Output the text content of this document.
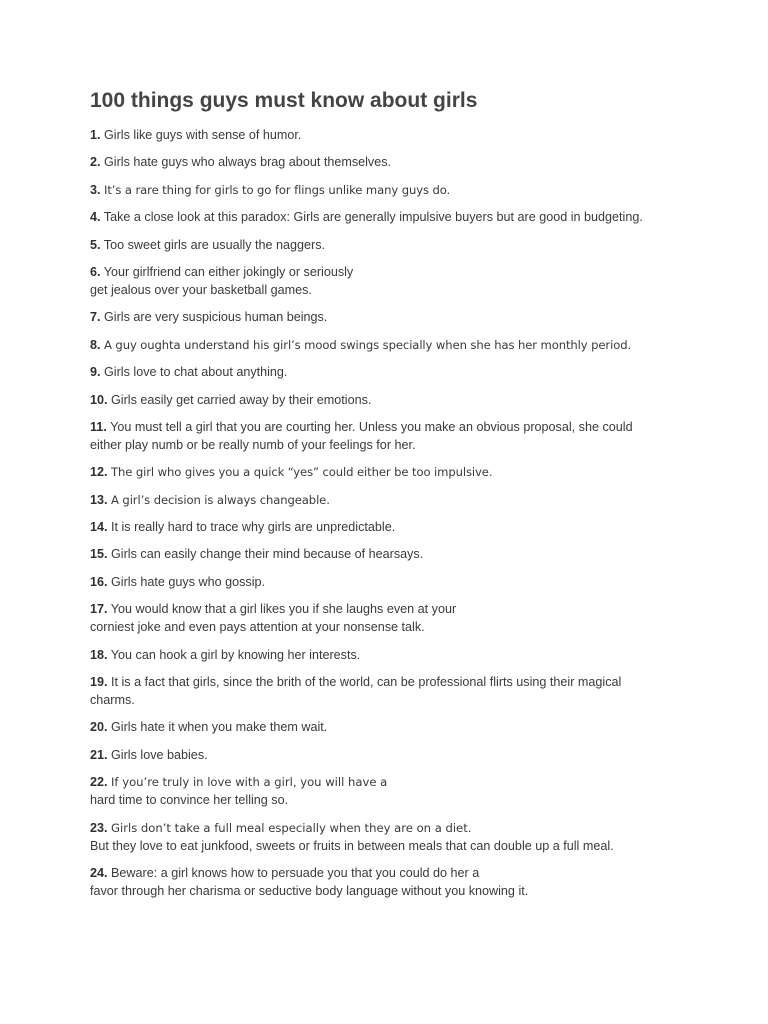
100 things guys must know about girls
1. Girls like guys with sense of humor.
2. Girls hate guys who always brag about themselves.
3. It’s a rare thing for girls to go for flings unlike many guys do.
4. Take a close look at this paradox: Girls are generally impulsive buyers but are good in budgeting.
5. Too sweet girls are usually the naggers.
6. Your girlfriend can either jokingly or seriously
get jealous over your basketball games.
7. Girls are very suspicious human beings.
8. A guy oughta understand his girl’s mood swings specially when she has her monthly period.
9. Girls love to chat about anything.
10. Girls easily get carried away by their emotions.
11. You must tell a girl that you are courting her. Unless you make an obvious proposal, she could
either play numb or be really numb of your feelings for her.
12. The girl who gives you a quick “yes” could either be too impulsive.
13. A girl’s decision is always changeable.
14. It is really hard to trace why girls are unpredictable.
15. Girls can easily change their mind because of hearsays.
16. Girls hate guys who gossip.
17. You would know that a girl likes you if she laughs even at your
corniest joke and even pays attention at your nonsense talk.
18. You can hook a girl by knowing her interests.
19. It is a fact that girls, since the brith of the world, can be professional flirts using their magical
charms.
20. Girls hate it when you make them wait.
21. Girls love babies.
22. If you’re truly in love with a girl, you will have a
hard time to convince her telling so.
23. Girls don’t take a full meal especially when they are on a diet.
But they love to eat junkfood, sweets or fruits in between meals that can double up a full meal.
24. Beware: a girl knows how to persuade you that you could do her a
favor through her charisma or seductive body language without you knowing it.
